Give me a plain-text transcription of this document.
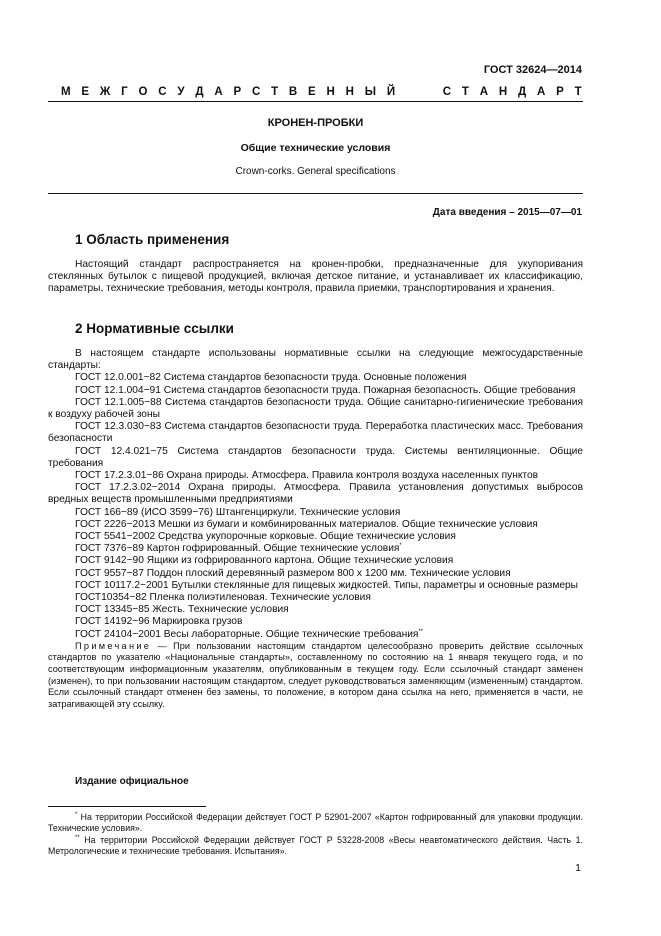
ГОСТ 32624—2014
М Е Ж Г О С У Д А Р С Т В Е Н Н Ы Й	С Т А Н Д А Р Т
КРОНЕН-ПРОБКИ
Общие технические условия
Crown-corks. General specifications
Дата введения – 2015—07—01
1 Область применения

Настоящий стандарт распространяется на кронен-пробки, предназначенные для укупоривания стеклянных бутылок с пищевой продукцией, включая детское питание, и устанавливает их классификацию, параметры, технические требования, методы контроля, правила приемки, транспортирования и хранения.

2 Нормативные ссылки

В настоящем стандарте использованы нормативные ссылки на следующие межгосударственные стандарты:

ГОСТ 12.0.001−82 Система стандартов безопасности труда. Основные положения

ГОСТ 12.1.004−91 Система стандартов безопасности труда. Пожарная безопасность. Общие требования

ГОСТ 12.1.005−88 Система стандартов безопасности труда. Общие санитарно-гигиенические требования к воздуху рабочей зоны

ГОСТ 12.3.030−83 Система стандартов безопасности труда. Переработка пластических масс. Требования безопасности

ГОСТ 12.4.021−75 Система стандартов безопасности труда. Системы вентиляционные. Общие требования

ГОСТ 17.2.3.01−86 Охрана природы. Атмосфера. Правила контроля воздуха населенных пунктов

ГОСТ 17.2.3.02−2014 Охрана природы. Атмосфера. Правила установления допустимых выбросов вредных веществ промышленными предприятиями

ГОСТ 166−89 (ИСО 3599−76) Штангенциркули. Технические условия

ГОСТ 2226−2013 Мешки из бумаги и комбинированных материалов. Общие технические условия

ГОСТ 5541−2002 Средства укупорочные корковые. Общие технические условия

ГОСТ 7376−89 Картон гофрированный. Общие технические условия*

ГОСТ 9142−90 Ящики из гофрированного картона. Общие технические условия

ГОСТ 9557−87 Поддон плоский деревянный размером 800 х 1200 мм. Технические условия

ГОСТ 10117.2−2001 Бутылки стеклянные для пищевых жидкостей. Типы, параметры и основные размеры

ГОСТ10354−82 Пленка полиэтиленовая. Технические условия

ГОСТ 13345−85 Жесть. Технические условия

ГОСТ 14192−96 Маркировка грузов

ГОСТ 24104−2001 Весы лабораторные. Общие технические требования**

Примечание — При пользовании настоящим стандартом целесообразно проверить действие ссылочных стандартов по указателю «Национальные стандарты», составленному по состоянию на 1 января текущего года, и по соответствующим информационным указателям, опубликованным в текущем году. Если ссылочный стандарт заменен (изменен), то при пользовании настоящим стандартом, следует руководствоваться заменяющим (измененным) стандартом. Если ссылочный стандарт отменен без замены, то положение, в котором дана ссылка на него, применяется в части, не затрагивающей эту ссылку.

Издание официальное

* На территории Российской Федерации действует ГОСТ Р 52901-2007 «Картон гофрированный для упаковки продукции. Технические условия».

** На территории Российской Федерации действует ГОСТ Р 53228-2008 «Весы неавтоматического действия. Часть 1. Метрологические и технические требования. Испытания».

1
